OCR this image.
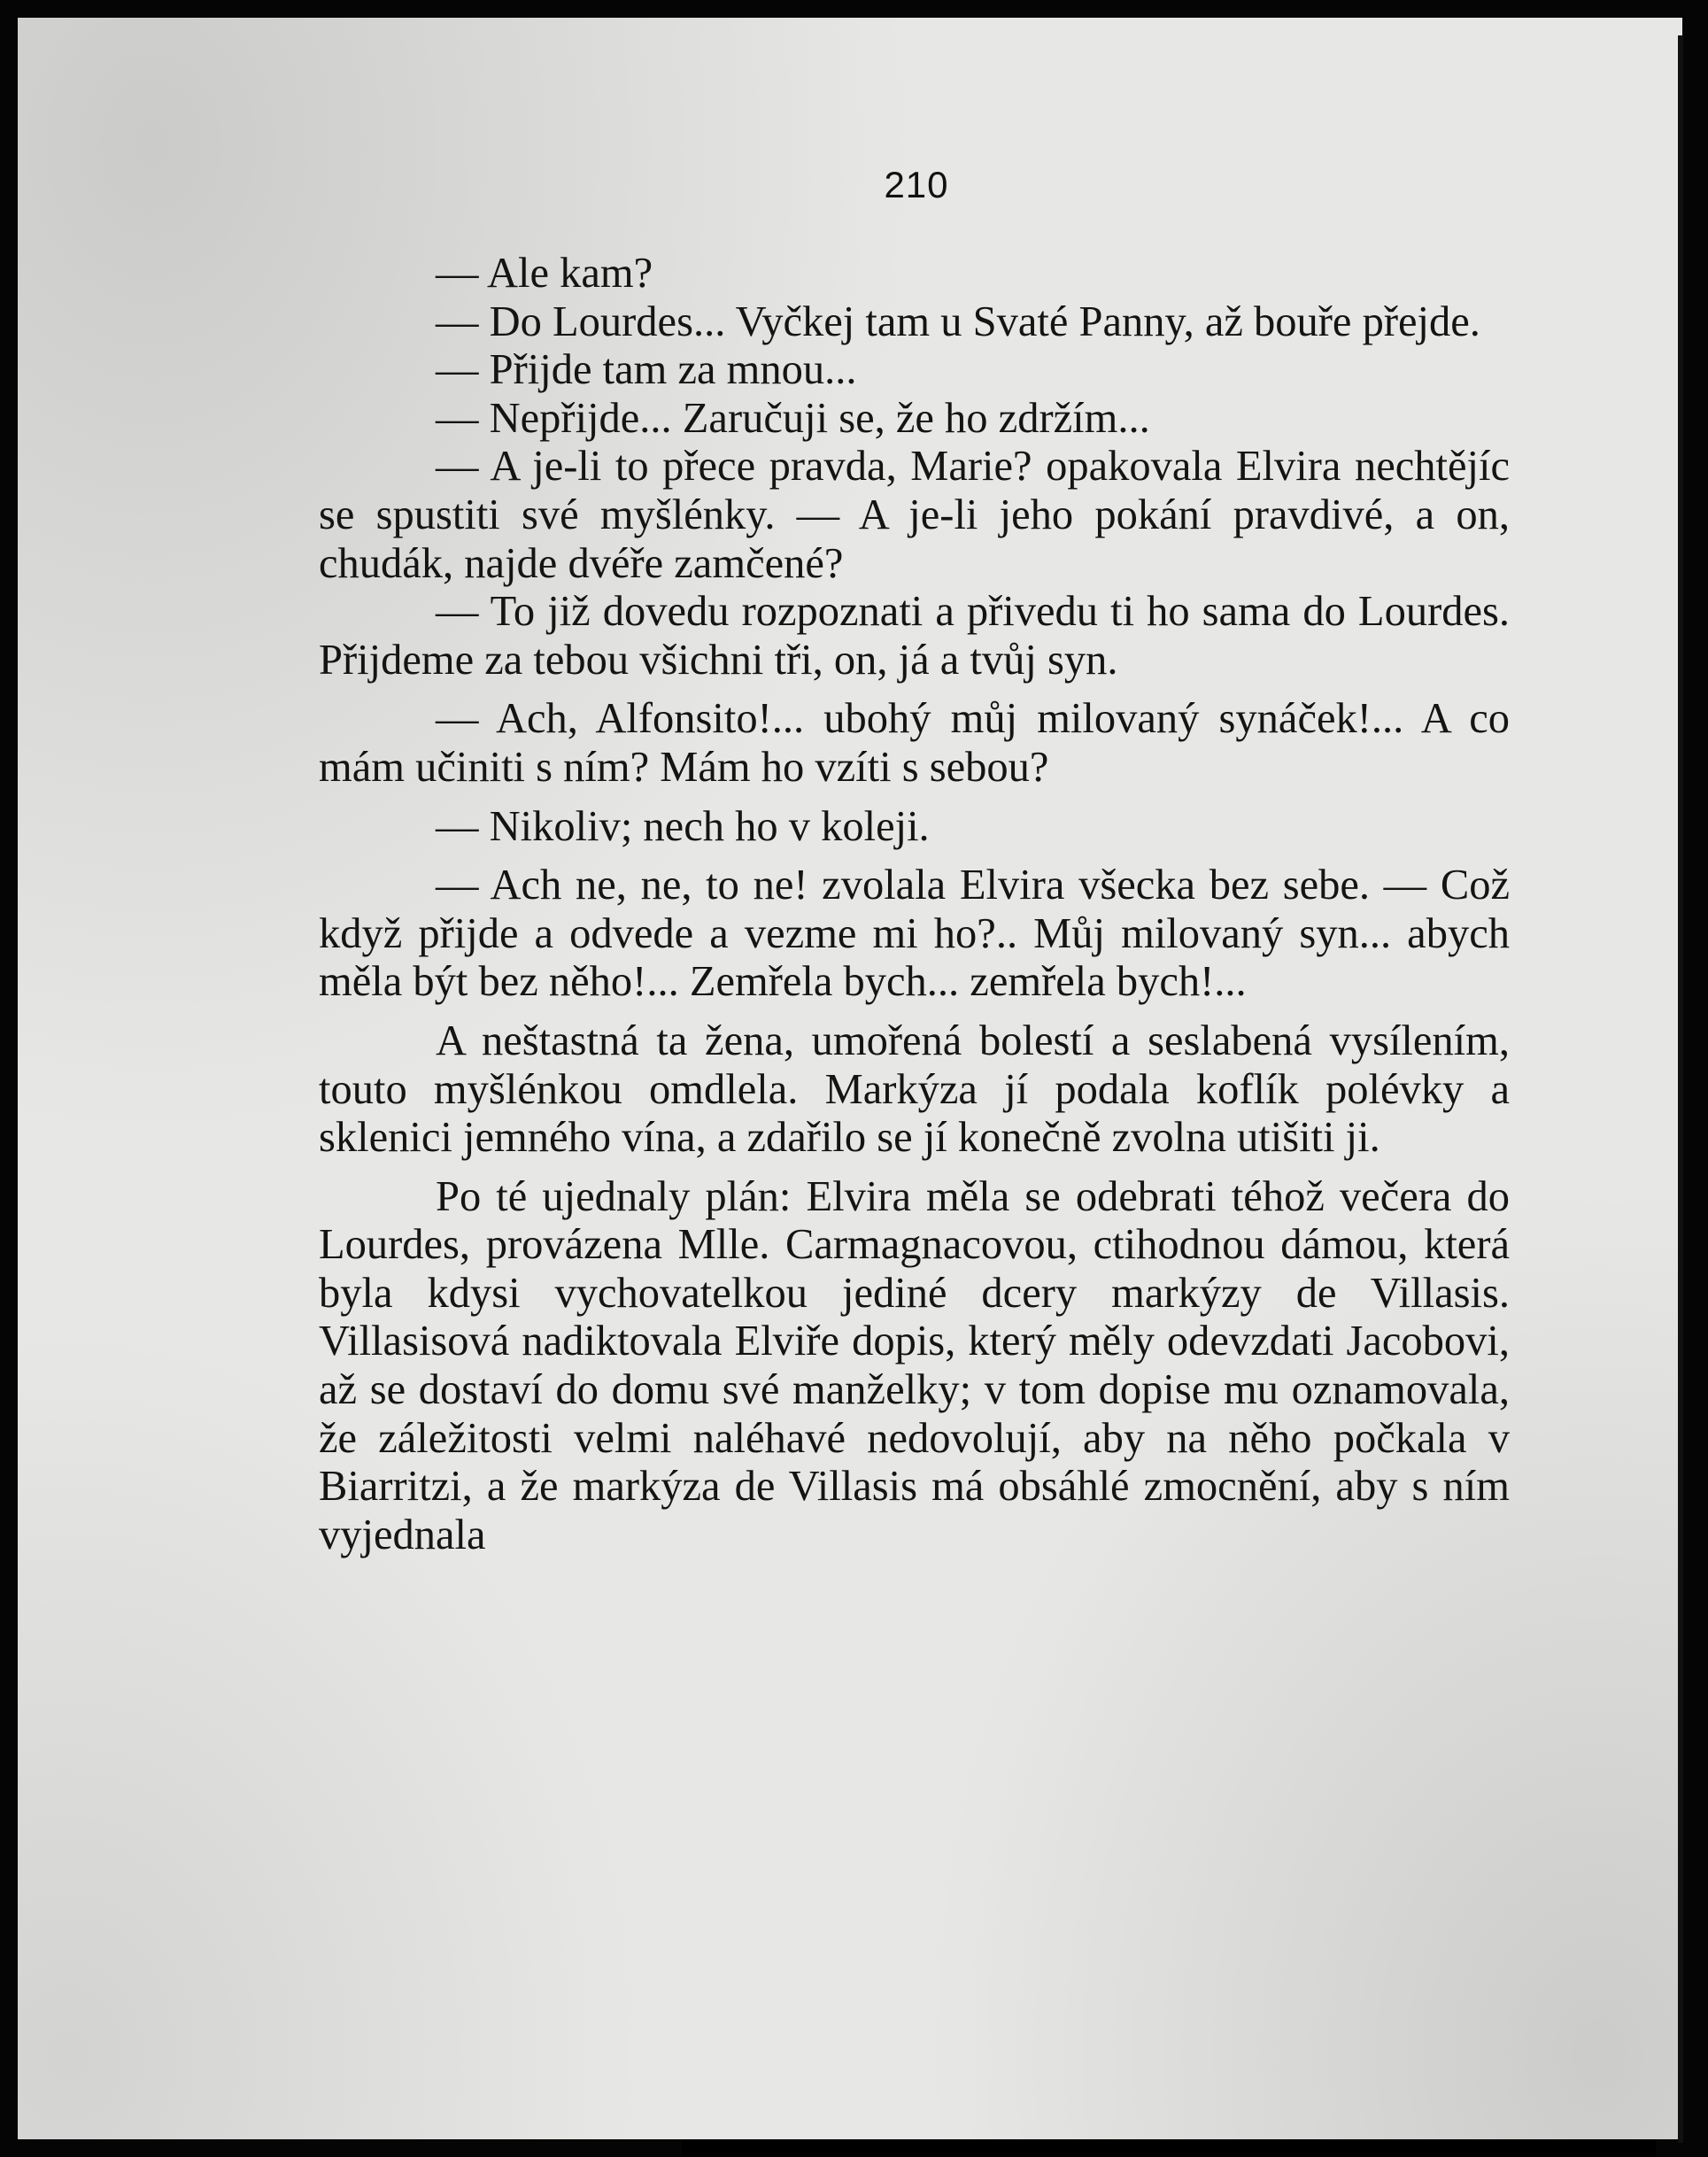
210

— Ale kam?

— Do Lourdes... Vyčkej tam u Svaté Panny, až bouře přejde.

— Přijde tam za mnou...

— Nepřijde... Zaručuji se, že ho zdržím...

— A je-li to přece pravda, Marie? opakovala Elvira nechtějíc se spustiti své myšlénky. — A je-li jeho pokání pravdivé, a on, chudák, najde dvéře zamčené?

— To již dovedu rozpoznati a přivedu ti ho sama do Lourdes. Přijdeme za tebou všichni tři, on, já a tvůj syn.

— Ach, Alfonsito!... ubohý můj milovaný synáček!... A co mám učiniti s ním? Mám ho vzíti s sebou?

— Nikoliv; nech ho v koleji.

— Ach ne, ne, to ne! zvolala Elvira všecka bez sebe. — Což když přijde a odvede a vezme mi ho?.. Můj milovaný syn... abych měla být bez něho!... Zemřela bych... zemřela bych!...

A neštastná ta žena, umořená bolestí a seslabená vysílením, touto myšlénkou omdlela. Markýza jí podala koflík polévky a sklenici jemného vína, a zdařilo se jí konečně zvolna utišiti ji.

Po té ujednaly plán: Elvira měla se odebrati téhož večera do Lourdes, provázena Mlle. Carmagnacovou, ctihodnou dámou, která byla kdysi vychovatelkou jediné dcery markýzy de Villasis. Villasisová nadiktovala Elviře dopis, který měly odevzdati Jacobovi, až se dostaví do domu své manželky; v tom dopise mu oznamovala, že záležitosti velmi naléhavé nedovolují, aby na něho počkala v Biarritzi, a že markýza de Villasis má obsáhlé zmocnění, aby s ním vyjednala
